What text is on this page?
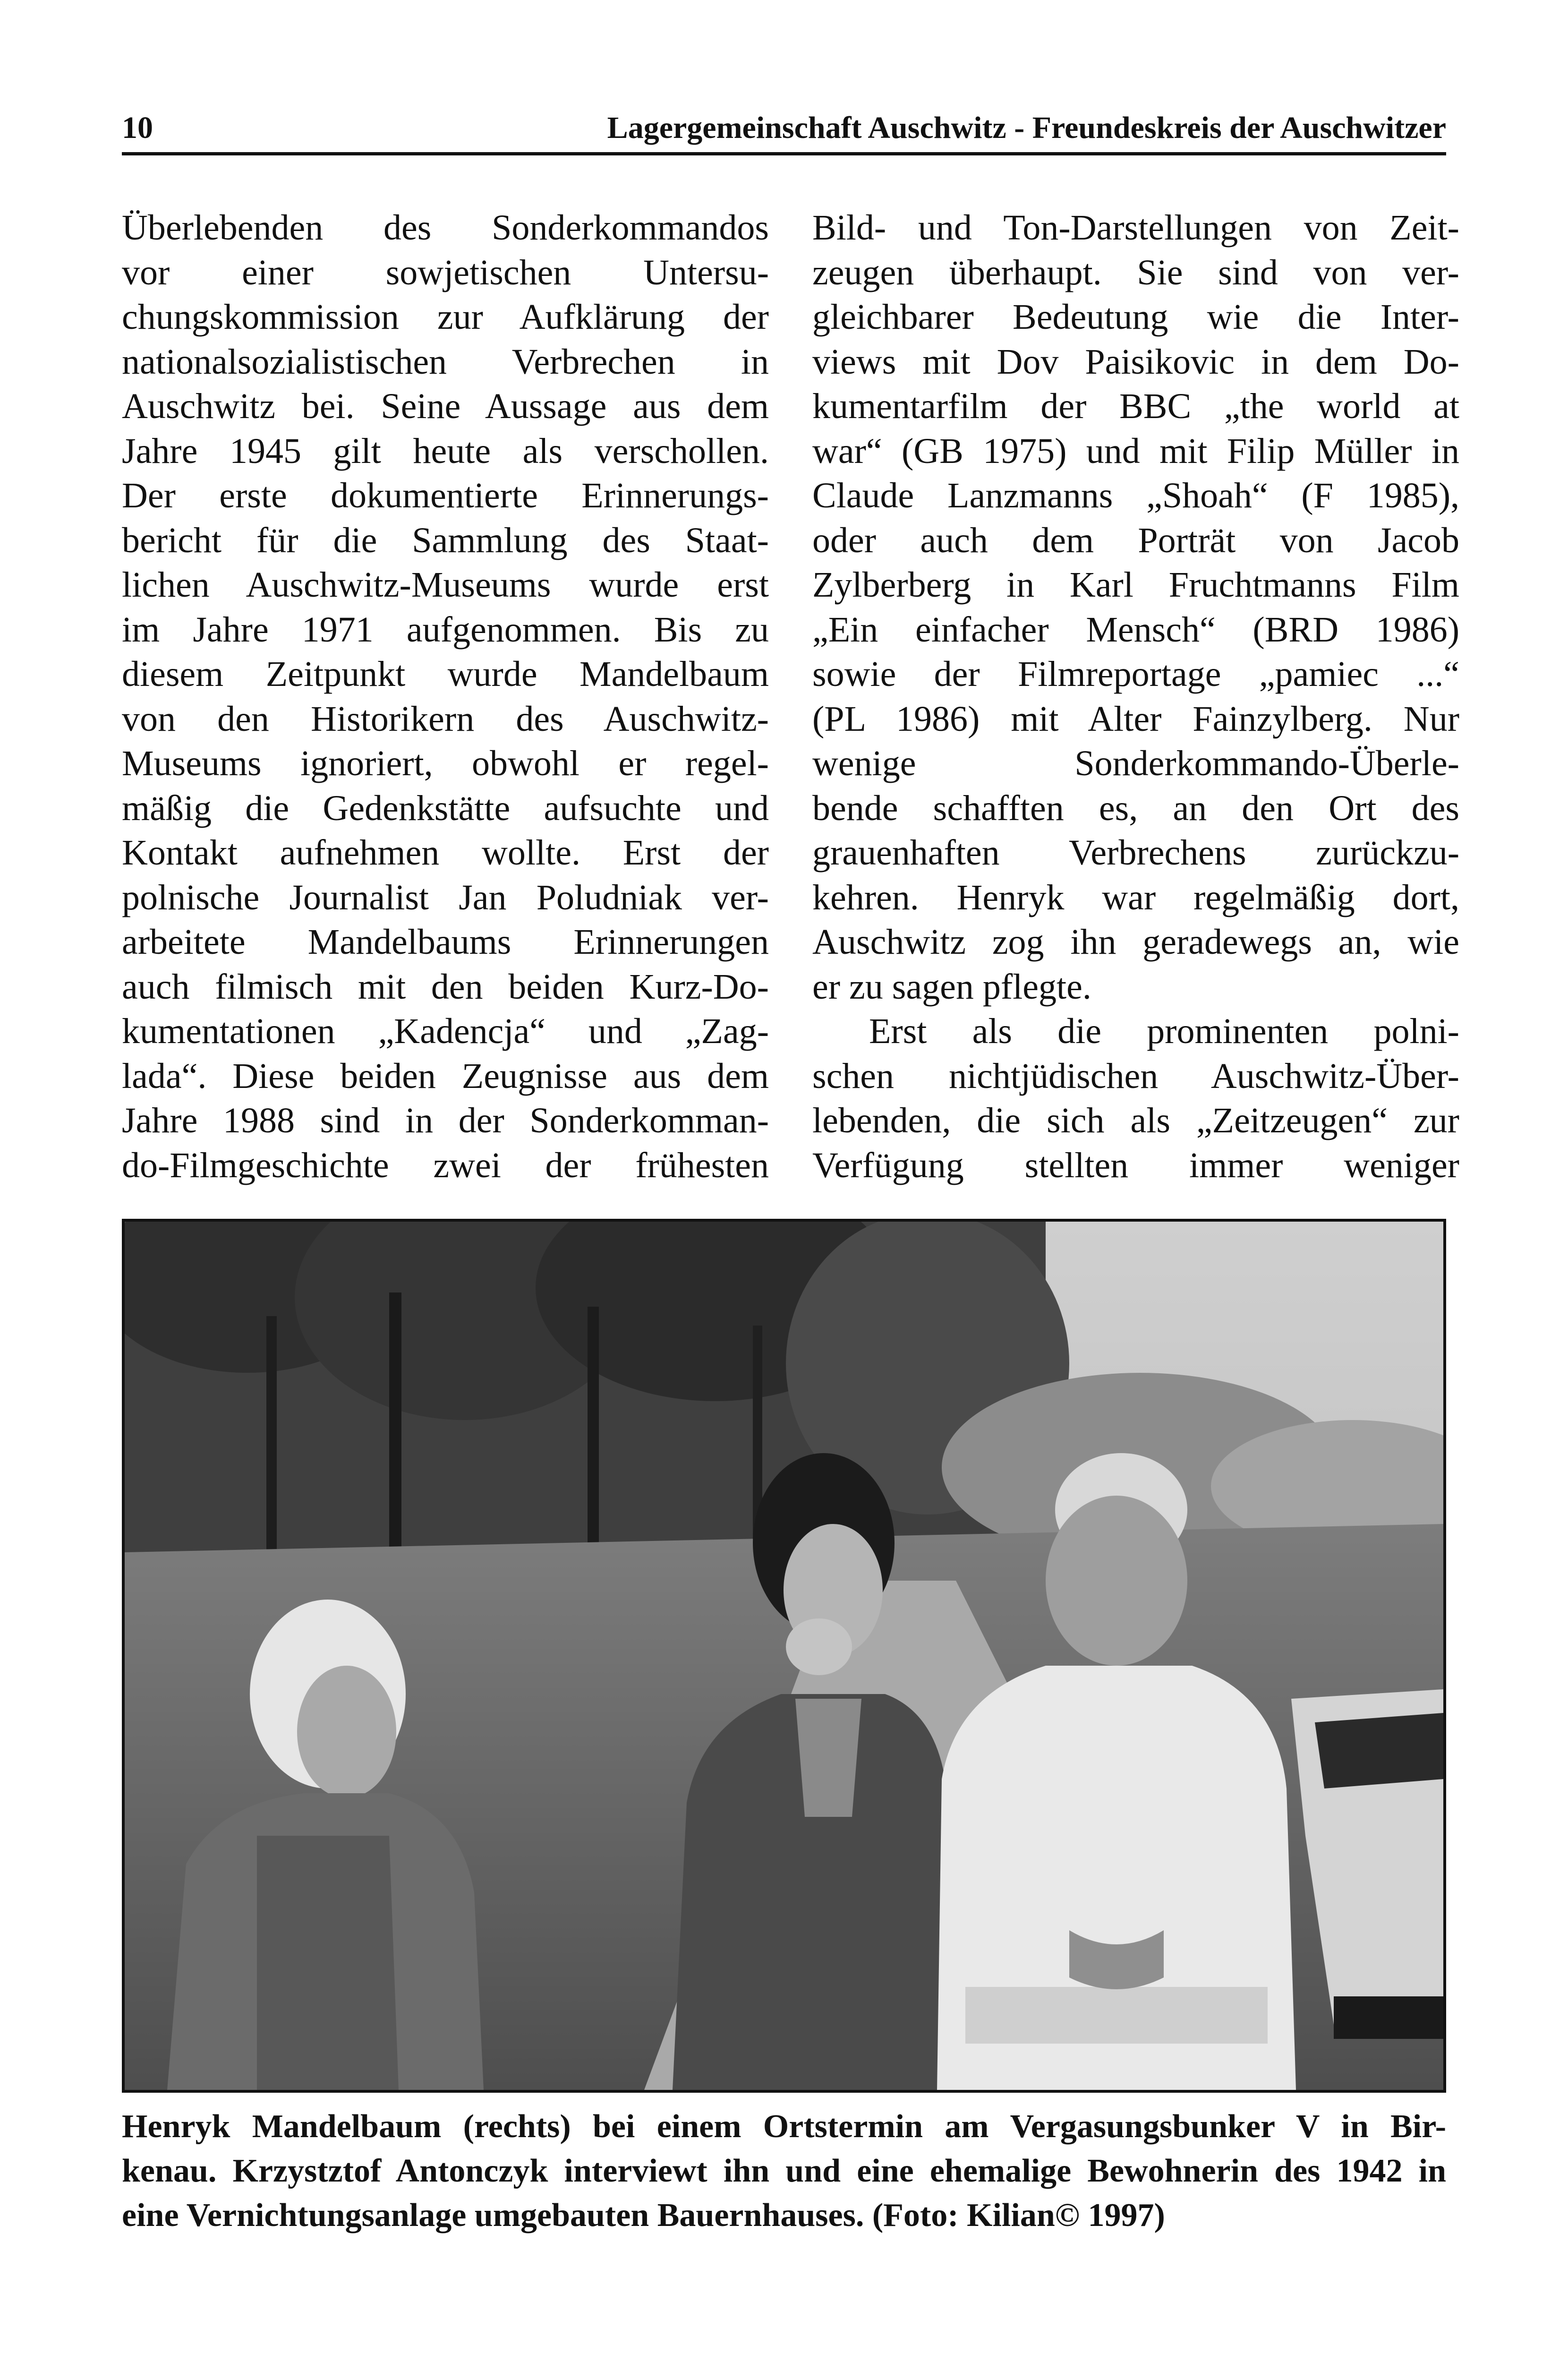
10	Lagergemeinschaft Auschwitz - Freundeskreis der Auschwitzer
Überlebenden des Sonderkommandos
vor einer sowjetischen Untersu-
chungskommission zur Aufklärung der
nationalsozialistischen Verbrechen in
Auschwitz bei. Seine Aussage aus dem
Jahre 1945 gilt heute als verschollen.
Der erste dokumentierte Erinnerungs-
bericht für die Sammlung des Staat-
lichen Auschwitz-Museums wurde erst
im Jahre 1971 aufgenommen. Bis zu
diesem Zeitpunkt wurde Mandelbaum
von den Historikern des Auschwitz-
Museums ignoriert, obwohl er regel-
mäßig die Gedenkstätte aufsuchte und
Kontakt aufnehmen wollte. Erst der
polnische Journalist Jan Poludniak ver-
arbeitete Mandelbaums Erinnerungen
auch filmisch mit den beiden Kurz-Do-
kumentationen „Kadencja“ und „Zag-
lada“. Diese beiden Zeugnisse aus dem
Jahre 1988 sind in der Sonderkomman-
do-Filmgeschichte zwei der frühesten
Bild- und Ton-Darstellungen von Zeit-
zeugen überhaupt. Sie sind von ver-
gleichbarer Bedeutung wie die Inter-
views mit Dov Paisikovic in dem Do-
kumentarfilm der BBC „the world at
war“ (GB 1975) und mit Filip Müller in
Claude Lanzmanns „Shoah“ (F 1985),
oder auch dem Porträt von Jacob
Zylberberg in Karl Fruchtmanns Film
„Ein einfacher Mensch“ (BRD 1986)
sowie der Filmreportage „pamiec ...“
(PL 1986) mit Alter Fainzylberg. Nur
wenige Sonderkommando-Überle-
bende schafften es, an den Ort des
grauenhaften Verbrechens zurückzu-
kehren. Henryk war regelmäßig dort,
Auschwitz zog ihn geradewegs an, wie
er zu sagen pflegte.
Erst als die prominenten polni-
schen nichtjüdischen Auschwitz-Über-
lebenden, die sich als „Zeitzeugen“ zur
Verfügung stellten immer weniger
Henryk Mandelbaum (rechts) bei einem Ortstermin am Vergasungsbunker V in Bir-
kenau. Krzystztof Antonczyk interviewt ihn und eine ehemalige Bewohnerin des 1942 in
eine Vernichtungsanlage umgebauten Bauernhauses. (Foto: Kilian© 1997)
